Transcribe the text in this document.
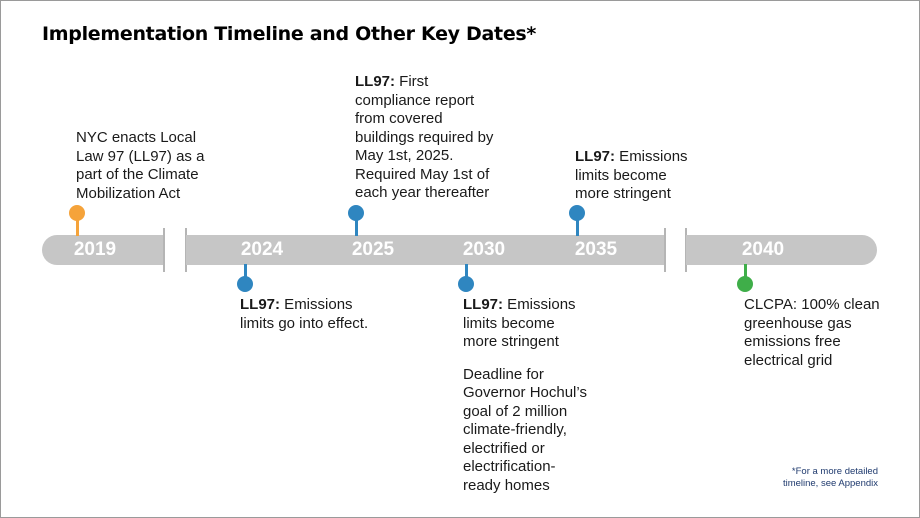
Implementation Timeline and Other Key Dates*
2019	2024	2025	2030	2035	2040
NYC enacts Local Law 97 (LL97) as a part of the Climate Mobilization Act
LL97: First compliance report from covered buildings required by May 1st, 2025. Required May 1st of each year thereafter
LL97: Emissions limits become more stringent
LL97: Emissions limits go into effect.

LL97: Emissions limits become more stringent

Deadline for Governor Hochul’s goal of 2 million climate-friendly, electrified or electrification-ready homes

CLCPA: 100% clean greenhouse gas emissions free electrical grid
*For a more detailed timeline, see Appendix
